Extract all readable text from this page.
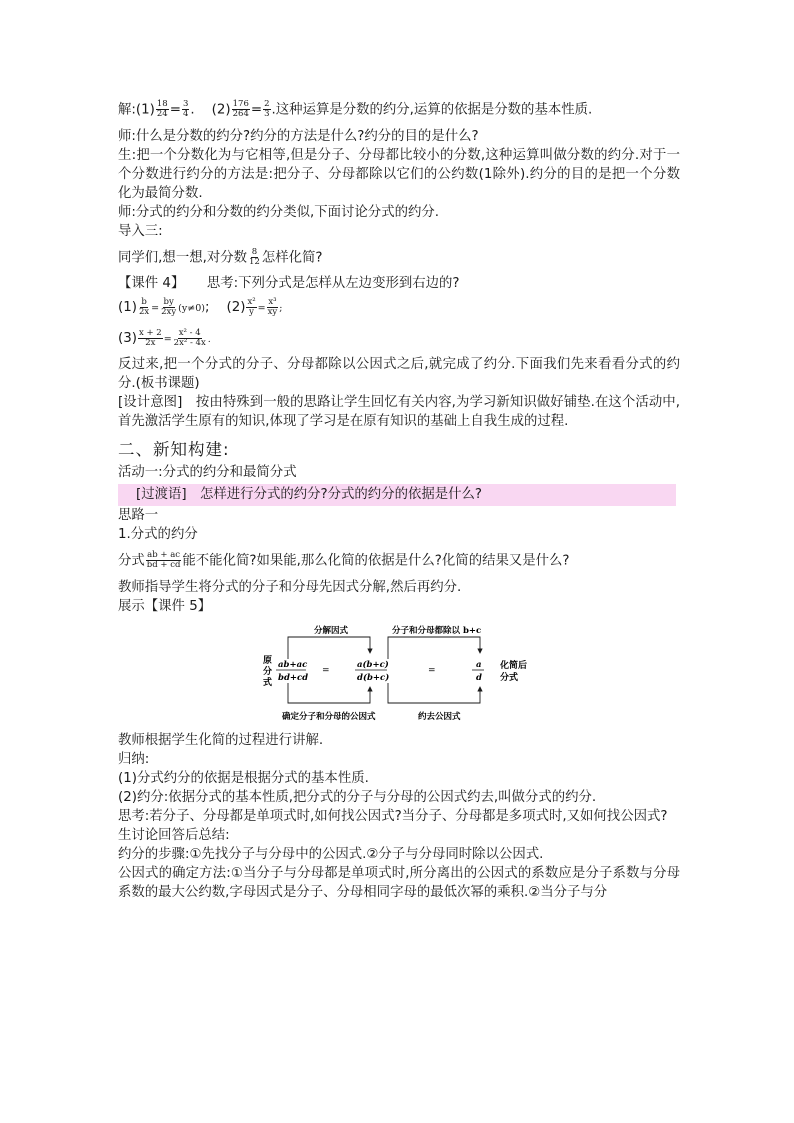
解:(1) $\frac{18}{24} = \frac{3}{4}$ .    $(2) \frac{176}{264} = \frac{2}{3}$ .这种运算是分数的约分,运算的依据是分数的基本性质.
师:什么是分数的约分?约分的方法是什么?约分的目的是什么?
生:把一个分数化为与它相等,但是分子、分母都比较小的分数,这种运算叫做分数的约分.对于一个分数进行约分的方法是:把分子、分母都除以它们的公约数(1除外).约分的目的是把一个分数化为最简分数.
师:分式的约分和分数的约分类似,下面讨论分式的约分.
导入三:
同学们,想一想,对分数 $\frac{8}{12}$ 怎样化简?
【课件 4】 思考:下列分式是怎样从左边变形到右边的?
$(1) \frac{b}{2x} = \frac{by}{2xy} (y\ne 0)$;    $(2) \frac{\text{x²}}{y} = \frac{\text{x³}}{xy}$ ;
$(3) \frac{x + 2}{2x} = \frac{\text{x² - 4}}{\text{2x² - 4x}}$ .
反过来,把一个分式的分子、分母都除以公因式之后,就完成了约分.下面我们先来看看分式的约分.(板书课题)
[设计意图]　按由特殊到一般的思路让学生回忆有关内容,为学习新知识做好铺垫.在这个活动中,首先激活学生原有的知识,体现了学习是在原有知识的基础上自我生成的过程.
二、新知构建:
活动一:分式的约分和最简分式
[过渡语]　怎样进行分式的约分?分式的约分的依据是什么?
思路一
1.分式的约分
分式 $\frac{ab + ac}{bd + cd}$ 能不能化简?如果能,那么化简的依据是什么?化简的结果又是什么?
教师指导学生将分式的分子和分母先因式分解,然后再约分.
展示【课件 5】
分解因式	分子和分母都除以 b+c
确定分子和分母的公因式	约去公因式
原
分
式
ab+ac
bd+cd
=
a(b+c)
d(b+c)
=
a
d
化简后
分式
教师根据学生化简的过程进行讲解.
归纳:
(1)分式约分的依据是根据分式的基本性质.
(2)约分:依据分式的基本性质,把分式的分子与分母的公因式约去,叫做分式的约分.
思考:若分子、分母都是单项式时,如何找公因式?当分子、分母都是多项式时,又如何找公因式?
生讨论回答后总结:
约分的步骤:①先找分子与分母中的公因式.②分子与分母同时除以公因式.
公因式的确定方法:①当分子与分母都是单项式时,所分离出的公因式的系数应是分子系数与分母系数的最大公约数,字母因式是分子、分母相同字母的最低次幂的乘积.②当分子与分
